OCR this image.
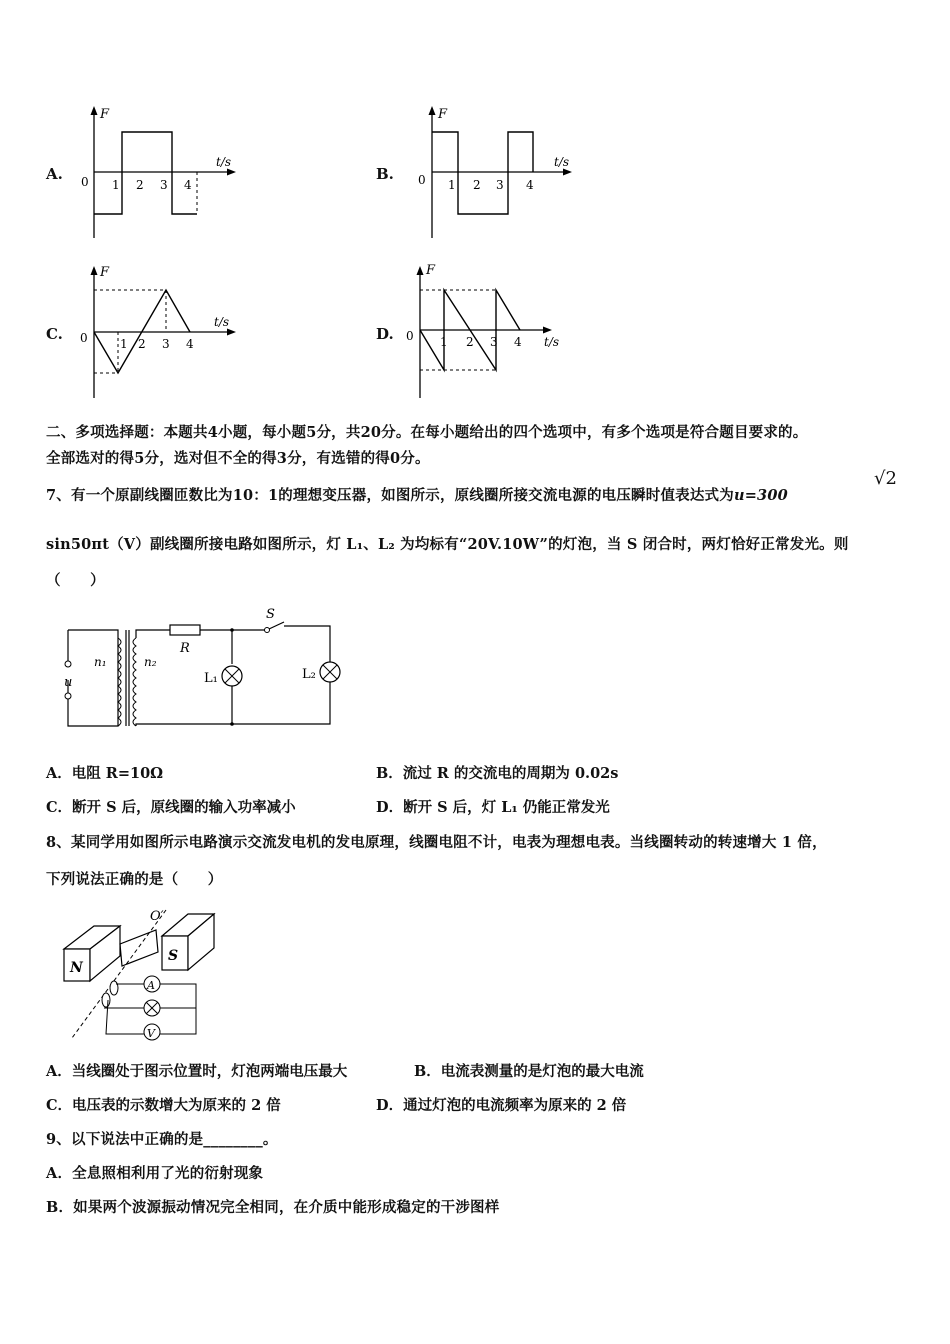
A.
F
t/s
0 1 2 3 4
B.
F
t/s
0 1 2 3 4
C.
F
t/s
0	1 2 3 4
D.
F
t/s
0 1 2 3 4
二、多项选择题：本题共4小题，每小题5分，共20分。在每小题给出的四个选项中，有多个选项是符合题目要求的。
全部选对的得5分，选对但不全的得3分，有选错的得0分。
7、有一个原副线圈匝数比为10：1的理想变压器，如图所示，原线圈所接交流电源的电压瞬时值表达式为u=300
√2
sin50πt（V）副线圈所接电路如图所示，灯 L₁、L₂ 为均标有“20V.10W”的灯泡，当 S 闭合时，两灯恰好正常发光。则
（　　）
u
n₁	n₂
R
S
L₁	L₂
A．电阻 R=10Ω	B．流过 R 的交流电的周期为 0.02s
C．断开 S 后，原线圈的输入功率减小	D．断开 S 后，灯 L₁ 仍能正常发光
8、某同学用如图所示电路演示交流发电机的发电原理，线圈电阻不计，电表为理想电表。当线圈转动的转速增大 1 倍，
下列说法正确的是（　　）
N
S
O′
A
V
A．当线圈处于图示位置时，灯泡两端电压最大	B．电流表测量的是灯泡的最大电流
C．电压表的示数增大为原来的 2 倍	D．通过灯泡的电流频率为原来的 2 倍
9、以下说法中正确的是________。
A．全息照相利用了光的衍射现象
B．如果两个波源振动情况完全相同，在介质中能形成稳定的干涉图样
